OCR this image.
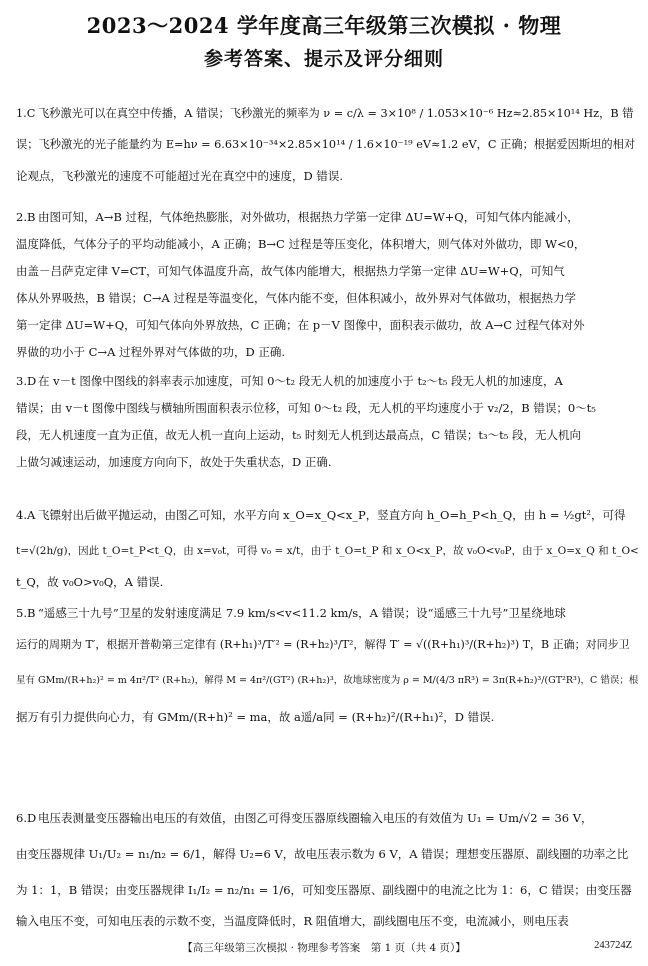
2023～2024 学年度高三年级第三次模拟 · 物理
参考答案、提示及评分细则
1.C 飞秒激光可以在真空中传播，A 错误；飞秒激光的频率为 ν = c/λ = 3×10⁸ / 1.053×10⁻⁶ Hz≈2.85×10¹⁴ Hz，B 错
误；飞秒激光的光子能量约为 E=hν = 6.63×10⁻³⁴×2.85×10¹⁴ / 1.6×10⁻¹⁹ eV≈1.2 eV，C 正确；根据爱因斯坦的相对
论观点，飞秒激光的速度不可能超过光在真空中的速度，D 错误.
2.B 由图可知，A→B 过程，气体绝热膨胀，对外做功，根据热力学第一定律 ΔU=W+Q，可知气体内能减小，
温度降低，气体分子的平均动能减小，A 正确；B→C 过程是等压变化，体积增大，则气体对外做功，即 W<0，
由盖－吕萨克定律 V=CT，可知气体温度升高，故气体内能增大，根据热力学第一定律 ΔU=W+Q，可知气
体从外界吸热，B 错误；C→A 过程是等温变化，气体内能不变，但体积减小，故外界对气体做功，根据热力学
第一定律 ΔU=W+Q，可知气体向外界放热，C 正确；在 p－V 图像中，面积表示做功，故 A→C 过程气体对外
界做的功小于 C→A 过程外界对气体做的功，D 正确.
3.D 在 v－t 图像中图线的斜率表示加速度，可知 0～t₂ 段无人机的加速度小于 t₂～t₅ 段无人机的加速度，A
错误；由 v－t 图像中图线与横轴所围面积表示位移，可知 0～t₂ 段，无人机的平均速度小于 v₂/2，B 错误；0～t₅
段，无人机速度一直为正值，故无人机一直向上运动，t₅ 时刻无人机到达最高点，C 错误；t₃～t₅ 段，无人机向
上做匀减速运动，加速度方向向下，故处于失重状态，D 正确.
4.A 飞镖射出后做平抛运动，由图乙可知，水平方向 x_O=x_Q<x_P，竖直方向 h_O=h_P<h_Q，由 h = ½gt²，可得
t=√(2h/g)，因此 t_O=t_P<t_Q，由 x=v₀t，可得 v₀ = x/t，由于 t_O=t_P 和 x_O<x_P，故 v₀O<v₀P，由于 x_O=x_Q 和 t_O<
t_Q，故 v₀O>v₀Q，A 错误.
5.B “遥感三十九号”卫星的发射速度满足 7.9 km/s<v<11.2 km/s，A 错误；设“遥感三十九号”卫星绕地球
运行的周期为 T′，根据开普勒第三定律有 (R+h₁)³/T′² = (R+h₂)³/T²，解得 T′ = √((R+h₁)³/(R+h₂)³) T，B 正确；对同步卫
星有 GMm/(R+h₂)² = m 4π²/T² (R+h₂)，解得 M = 4π²/(GT²) (R+h₂)³，故地球密度为 ρ = M/(4/3 πR³) = 3π(R+h₂)³/(GT²R³)，C 错误；根
据万有引力提供向心力，有 GMm/(R+h)² = ma，故 a遥/a同 = (R+h₂)²/(R+h₁)²，D 错误.
6.D 电压表测量变压器输出电压的有效值，由图乙可得变压器原线圈输入电压的有效值为 U₁ = Um/√2 = 36 V，
由变压器规律 U₁/U₂ = n₁/n₂ = 6/1，解得 U₂=6 V，故电压表示数为 6 V，A 错误；理想变压器原、副线圈的功率之比
为 1：1，B 错误；由变压器规律 I₁/I₂ = n₂/n₁ = 1/6，可知变压器原、副线圈中的电流之比为 1：6，C 错误；由变压器
输入电压不变，可知电压表的示数不变，当温度降低时，R 阻值增大，副线圈电压不变，电流减小，则电压表
【高三年级第三次模拟 · 物理参考答案　第 1 页（共 4 页）】	243724Z
